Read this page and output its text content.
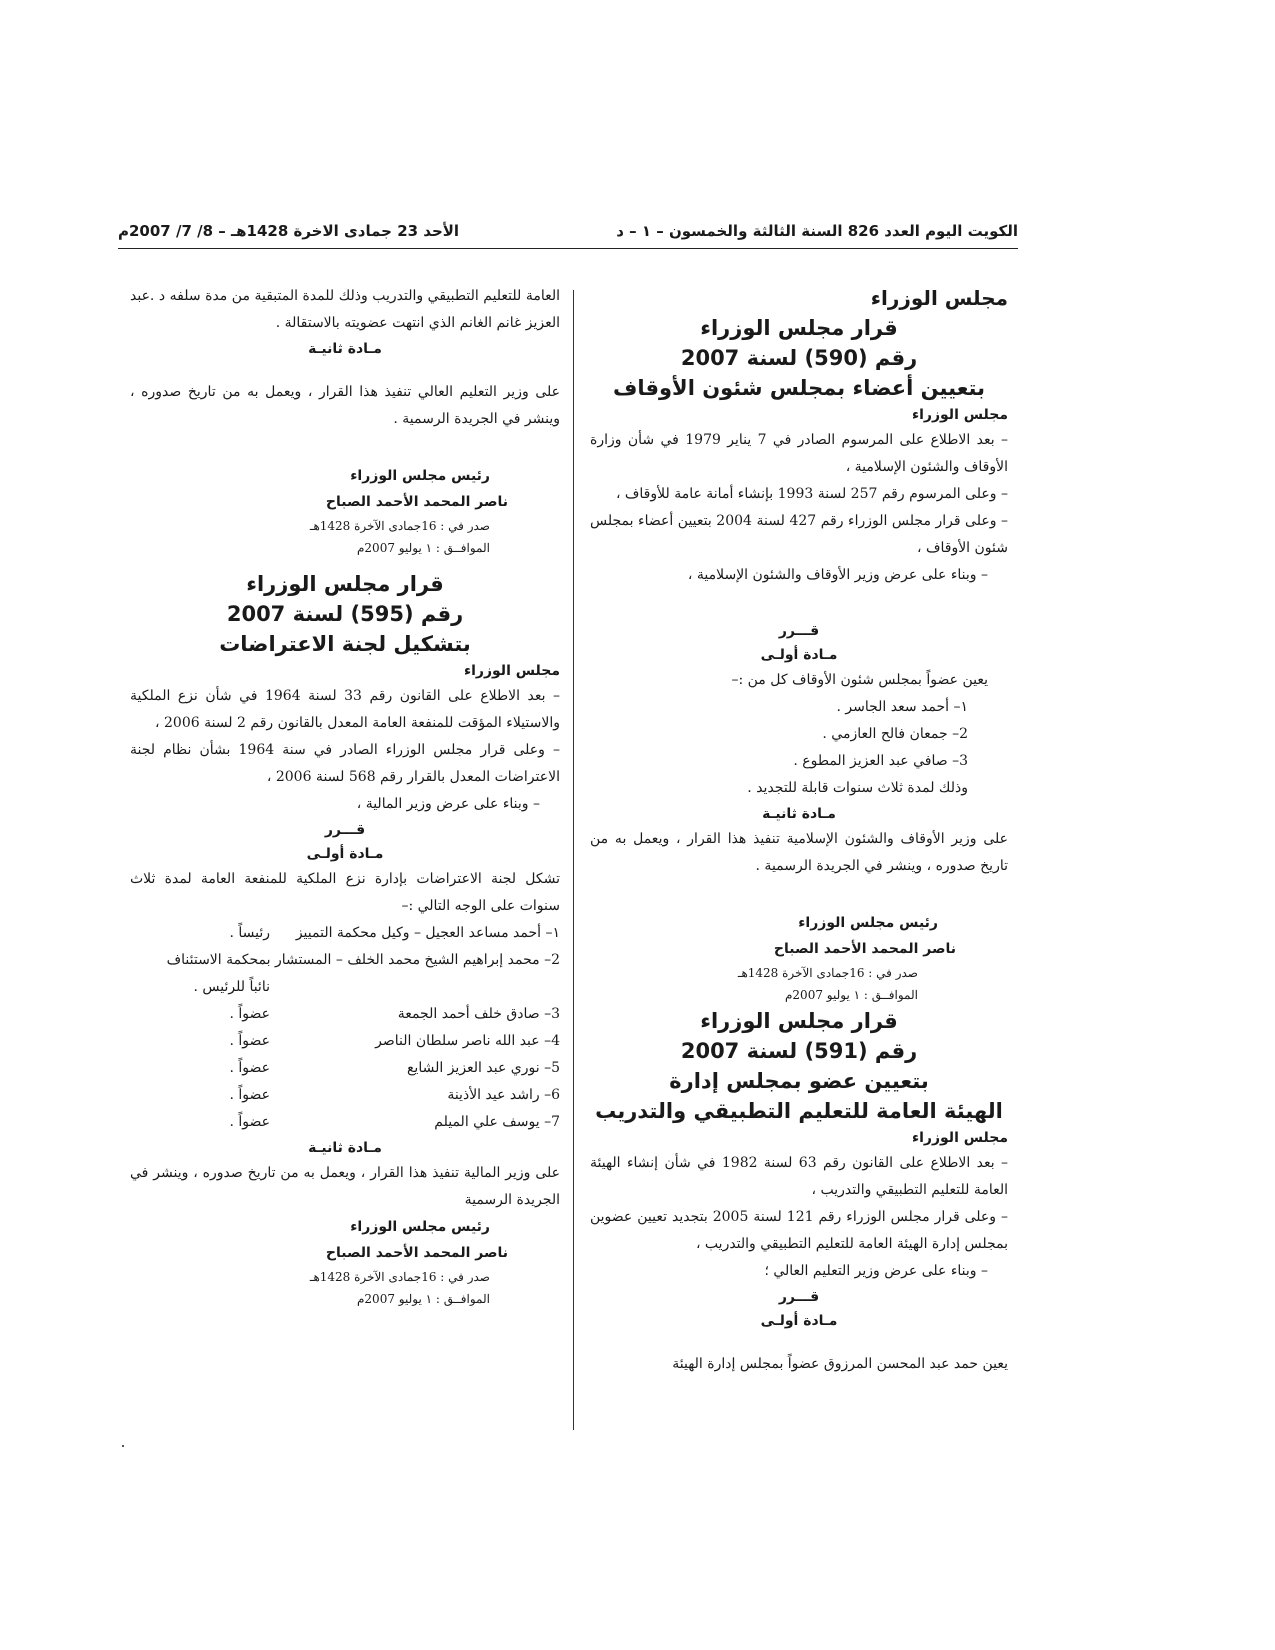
الكويت اليوم العدد 826 السنة الثالثة والخمسون – ١ – د
الأحد 23 جمادى الاخرة 1428هـ – 8/ 7/ 2007م

مجلس الوزراء

قرار مجلس الوزراء

رقم (590) لسنة 2007

بتعيين أعضاء بمجلس شئون الأوقاف

مجلس الوزراء

– بعد الاطلاع على المرسوم الصادر في 7 يناير 1979 في شأن وزارة الأوقاف والشئون الإسلامية ،

– وعلى المرسوم رقم 257 لسنة 1993 بإنشاء أمانة عامة للأوقاف ،

– وعلى قرار مجلس الوزراء رقم 427 لسنة 2004 بتعيين أعضاء بمجلس شئون الأوقاف ،

– وبناء على عرض وزير الأوقاف والشئون الإسلامية ،

قـــرر

مـادة أولـى

يعين عضواً بمجلس شئون الأوقاف كل من :–

١– أحمد سعد الجاسر .

2– جمعان فالح العازمي .

3– صافي عبد العزيز المطوع .

وذلك لمدة ثلاث سنوات قابلة للتجديد .

مـادة ثانيـة

على وزير الأوقاف والشئون الإسلامية تنفيذ هذا القرار ، ويعمل به من تاريخ صدوره ، وينشر في الجريدة الرسمية .

رئيس مجلس الوزراء

ناصر المحمد الأحمد الصباح

صدر في : 16جمادى الآخرة 1428هـ

الموافــق : ١ يوليو 2007م

قرار مجلس الوزراء

رقم (591) لسنة 2007

بتعيين عضو بمجلس إدارة

الهيئة العامة للتعليم التطبيقي والتدريب

مجلس الوزراء

– بعد الاطلاع على القانون رقم 63 لسنة 1982 في شأن إنشاء الهيئة العامة للتعليم التطبيقي والتدريب ،

– وعلى قرار مجلس الوزراء رقم 121 لسنة 2005 بتجديد تعيين عضوين بمجلس إدارة الهيئة العامة للتعليم التطبيقي والتدريب ،

– وبناء على عرض وزير التعليم العالي ؛

قـــرر

مـادة أولـى

يعين حمد عبد المحسن المرزوق عضواً بمجلس إدارة الهيئة

العامة للتعليم التطبيقي والتدريب وذلك للمدة المتبقية من مدة سلفه د .عبد العزيز غانم الغانم الذي انتهت عضويته بالاستقالة .

مـادة ثانيـة

على وزير التعليم العالي تنفيذ هذا القرار ، ويعمل به من تاريخ صدوره ، وينشر في الجريدة الرسمية .

رئيس مجلس الوزراء

ناصر المحمد الأحمد الصباح

صدر في : 16جمادى الآخرة 1428هـ

الموافــق : ١ يوليو 2007م

قرار مجلس الوزراء

رقم (595) لسنة 2007

بتشكيل لجنة الاعتراضات

مجلس الوزراء

– بعد الاطلاع على القانون رقم 33 لسنة 1964 في شأن نزع الملكية والاستيلاء المؤقت للمنفعة العامة المعدل بالقانون رقم 2 لسنة 2006 ،

– وعلى قرار مجلس الوزراء الصادر في سنة 1964 بشأن نظام لجنة الاعتراضات المعدل بالقرار رقم 568 لسنة 2006 ،

– وبناء على عرض وزير المالية ،

قـــرر

مـادة أولـى

تشكل لجنة الاعتراضات بإدارة نزع الملكية للمنفعة العامة لمدة ثلاث سنوات على الوجه التالي :–

١– أحمد مساعد العجيل – وكيل محكمة التمييز
رئيساً .

2– محمد إبراهيم الشيخ محمد الخلف – المستشار بمحكمة الاستئناف

نائباً للرئيس .
3– صادق خلف أحمد الجمعة
عضواً .
4– عبد الله ناصر سلطان الناصر
عضواً .
5– نوري عبد العزيز الشايع
عضواً .
6– راشد عيد الأذينة
عضواً .
7– يوسف علي الميلم
عضواً .

مـادة ثانيـة

على وزير المالية تنفيذ هذا القرار ، ويعمل به من تاريخ صدوره ، وينشر في الجريدة الرسمية

رئيس مجلس الوزراء

ناصر المحمد الأحمد الصباح

صدر في : 16جمادى الآخرة 1428هـ

الموافــق : ١ يوليو 2007م
